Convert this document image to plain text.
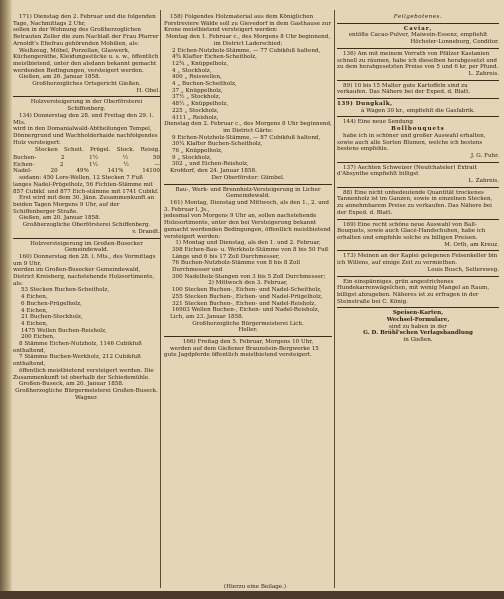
171) Dienstag den 2. Februar und die folgenden Tage, Nachmittags 2 Uhr,

sollen in der Wohnung des Großherzoglichen Betrauten Zeller die zum Nachlaß der Frau Pfarrer Arnoldt's Ehefrau gehörenden Mobilien, als:

Weißzeug, Möbel, Porzellan, Glaswerk, Küchengeräthe, Kleidungsstücke u. s. w., öffentlich meistbietend, unter den alsdann bekannt gemacht werdenden Bedingungen, versteigert werden.

Gießen, am 26. Januar 1858.

Großherzogliches Ortsgericht Gießen.

H. Obel.

Holzversteigerung in der Oberförsterei Schiffenberg.

134) Donnerstag den 28. und Freitag den 29. l. Mts.

wird in den Domanialwald-Abtheilungen Tempel, Dönnergrund und Wachholderhaide nachfolgendes Holz versteigert:

Stecken Scheit. Prügel. Stock. Reisig.
Buchen-	2	1½	½	50
Eichen-	2	1½	½	—
Nadel-	20	49%	141%	14100

sodann: 450 Lore-Wellen, 12 Stecken 7 Fuß langes Nadel-Prügelholz, 56 Fichten-Stämme mit 857 Cubikf. und 877 Eich-stämme mit 1741 Cubikf.

Erst wird mit dem 30. Jänn. Zusammenkunft an beiden Tagen Morgens 9 Uhr, auf der Schiffenberger Straße.

Gießen, am 20. Januar 1858.

Großherzogliche Oberförsterei Schiffenberg.

v. Drandt.

Holzversteigerung im Großen-Busecker Gemeindewald.

160) Donnerstag den 28. l. Mts., des Vormittags um 9 Uhr,

werden im Großen-Busecker Gemeindewald, District Kreisberg, nachstehende Holzsortimente, als:

53 Stecken Buchen-Scheitholz,

4 Eichen,

6 Buchen-Prügelholz,

4 Eichen,

21 Buchen-Stockholz,

4 Eichen,

1475 Wellen Buchen-Reisholz,

200 Eichen,

8 Stämme Eichen-Nutzholz, 1146 Cubikfuß enthaltend,

7 Stämme Buchen-Werkholz, 212 Cubikfuß enthaltend,

öffentlich meistbietend versteigert werden. Die Zusammenkunft ist oberhalb der Schiedemühle.

Großen-Buseck, am 20. Januar 1858.

Großherzogliche Bürgermeisterei Großen-Buseck.

Wagner.

158) Folgendes Holzmaterial aus dem Königlichen Forstreviere Wälde soll zu Gievedorf in dem Gasthause zur Krone meistbietend versteigert werden:

Montag den 1. Februar c., des Morgens 8 Uhr beginnend, im District Laderschied:

2 Eichen-Nutzholz-Stämme, — 77 Cubikfuß haltend,

4¾ Klafter Eichen-Scheitholz,

12¾ „ Knüppelholz,

4 „ Stockholz,

400 „ Reiswellen,

4 „ Buchen-Scheitholz,

37 „ Knüppelholz,

37½ „ Stockholz,

48½ „ Knüppelholz,

225 „ Stockholz,

4111 „ Reisholz,

Dienstag den 2. Februar c., des Morgens 8 Uhr beginnend, im District Gärte:

9 Eichen-Nutzholz-Stämme, — 87 Cubikfuß haltend,

30¼ Klafter Buchen-Scheitholz,

76 „ Knüppelholz,

9 „ Stockholz,

302 „ und Eichen-Reisholz,

Krofdorf, den 24. Januar 1858.

Der Oberförster: Gümbel.

Bau-, Werk- und Brennholz-Versteigerung in Licher Gemeindewald.

161) Montag, Dienstag und Mittwoch, als den 1., 2. und 3. Februar l. Js.,

jedesmal von Morgens 9 Uhr an, sollen nachstehende Holzsortimente, unter den bei Versteigerung bekannt gemacht werdenden Bedingungen, öffentlich meistbietend versteigert werden:

1) Montag und Dienstag, als den 1. und 2. Februar,

398 Eichen-Bau- u. Werkholz-Stämme von 8 bis 50 Fuß Länge und 6 bis 17 Zoll Durchmesser,

76 Buchen-Nutzholz-Stämme von 8 bis 8 Zoll Durchmesser und

300 Nadelholz-Stangen von 3 bis 5 Zoll Durchmesser;

2) Mittwoch den 3. Februar,

100 Stecken Buchen-, Eichen- und Nadel-Scheitholz,

255 Stecken Buchen-, Eichen- und Nadel-Prügelholz,

321 Stecken Buchen-, Eichen- und Nadel-Reisholz,

16903 Wellen Buchen-, Eichen- und Nadel-Reisholz,

Lich, am 23. Januar 1858.

Großherzogliche Bürgermeisterei Lich.

Heller.

166) Freitag den 5. Februar, Morgens 10 Uhr,

werden auf dem Gießener Braunstein-Bergwerke 15 gute Jagdpferde öffentlich meistbietend versteigert.

Feilgebotenes.

Caviar,

entölte Cacao-Pulver, Maiwein-Essenz, empfiehlt

Höchster-Lonneburg, Conditor.

136) Am mit meinem Vorrath von Pfälzer Kastanien schnell zu räumen, habe ich dieselben herabgesetzt und zu dem herabgesetzten Preise von 5 und 6 kr. per Pfund.

L. Zahreis.

89) 10 bis 15 Malter gute Kartoffeln sind zu verkaufen. Das Nähere bei der Exped. d. Blatt.

139) Dungkalk,

à Wagen 30 kr., empfiehlt die Gasfabrik.

144) Eine neue Sendung

Bollbouquets

habe ich in schöner und großer Auswahl erhalten, sowie auch alle Sorten Blumen, welche ich bestens bestens empfehle.

J. G. Fuhr.

137) Aechten Schweizer (Neufchateler) Extrait d'Absynthe empfiehlt billigst

L. Zahreis.

88) Eine nicht unbedeutende Quantität trockenes Tannenholz ist im Ganzen, sowie in einzelnen Stecken, zu annehmbarem Preise zu verkaufen. Das Nähere bei der Exped. d. Blatt.

169) Eine recht schöne neue Auswahl von Ball-Bouquets, sowie auch Glacé-Handschuhen, habe ich erhalten und empfehle solche zu billigen Preisen.

M. Orth, am Kreuz.

173) Meinen an der Kaplei gelegenen Felsenkeller bin ich Willens, auf einige Zeit zu vermiethen.

Louis Busch, Seltersweg.

Ein einspänniges, grün angestrichenes Hundekarrenwägelchen, mit wenig Mangel an Raum, billigst abzugeben. Näheres ist zu erfragen in der Steinstraße bei C. König.

Speisen-Karten,

Wechsel-Formulare,

sind zu haben in der

G. D. Brühl'schen Verlagshandlung

in Gießen.

(Hierzu eine Beilage.)
